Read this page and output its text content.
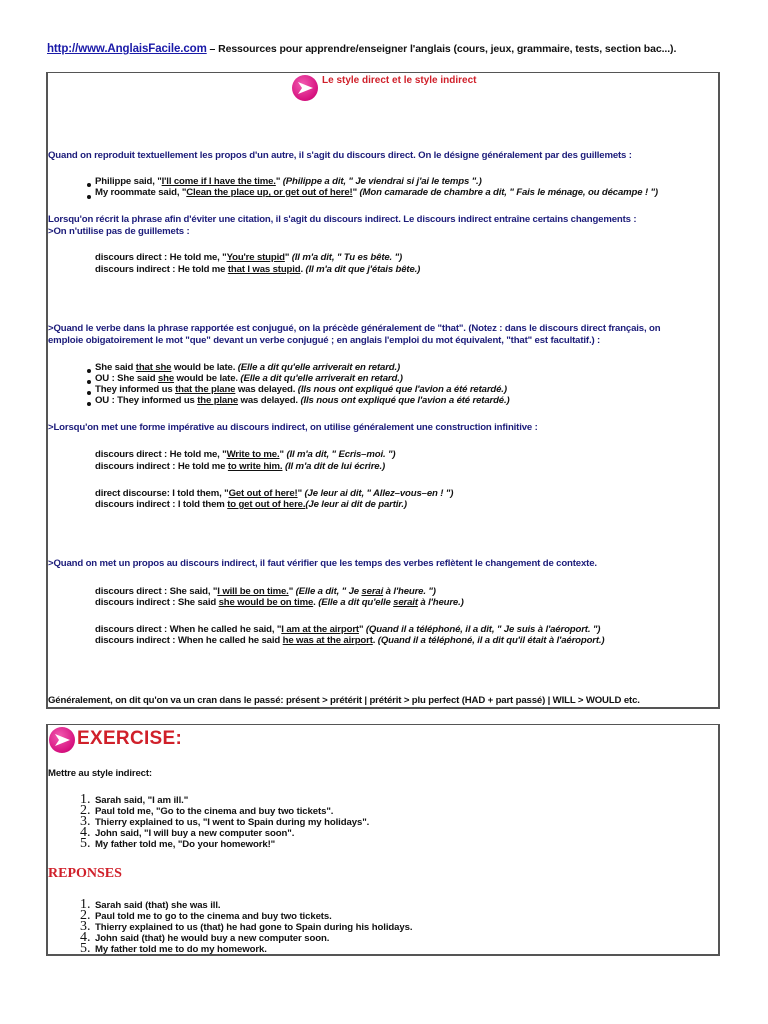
http://www.AnglaisFacile.com – Ressources pour apprendre/enseigner l'anglais (cours, jeux, grammaire, tests, section bac...).
Le style direct et le style indirect
Quand on reproduit textuellement les propos d'un autre, il s'agit du discours direct. On le désigne généralement par des guillemets :
Philippe said, "I'll come if I have the time." (Philippe a dit, " Je viendrai si j'ai le temps ".)
My roommate said, "Clean the place up, or get out of here!" (Mon camarade de chambre a dit, " Fais le ménage, ou décampe ! ")
Lorsqu'on récrit la phrase afin d'éviter une citation, il s'agit du discours indirect. Le discours indirect entraîne certains changements :
>On n'utilise pas de guillemets :
discours direct : He told me, "You're stupid" (Il m'a dit, " Tu es bête. ")
discours indirect : He told me that I was stupid. (Il m'a dit que j'étais bête.)
>Quand le verbe dans la phrase rapportée est conjugué, on la précède généralement de "that". (Notez : dans le discours direct français, on
emploie obigatoirement le mot "que" devant un verbe conjugué ; en anglais l'emploi du mot équivalent, "that" est facultatif.) :
She said that she would be late. (Elle a dit qu'elle arriverait en retard.)
OU : She said she would be late. (Elle a dit qu'elle arriverait en retard.)
They informed us that the plane was delayed. (Ils nous ont expliqué que l'avion a été retardé.)
OU : They informed us the plane was delayed. (Ils nous ont expliqué que l'avion a été retardé.)
>Lorsqu'on met une forme impérative au discours indirect, on utilise généralement une construction infinitive :
discours direct : He told me, "Write to me." (Il m'a dit, " Ecris–moi. ")
discours indirect : He told me to write him. (Il m'a dit de lui écrire.)
direct discourse: I told them, "Get out of here!" (Je leur ai dit, " Allez–vous–en ! ")
discours indirect : I told them to get out of here.(Je leur ai dit de partir.)
>Quand on met un propos au discours indirect, il faut vérifier que les temps des verbes reflètent le changement de contexte.
discours direct : She said, "I will be on time." (Elle a dit, " Je serai à l'heure. ")
discours indirect : She said she would be on time. (Elle a dit qu'elle serait à l'heure.)
discours direct : When he called he said, "I am at the airport" (Quand il a téléphoné, il a dit, " Je suis à l'aéroport. ")
discours indirect : When he called he said he was at the airport. (Quand il a téléphoné, il a dit qu'il était à l'aéroport.)
Généralement, on dit qu'on va un cran dans le passé: présent > prétérit | prétérit > plu perfect (HAD + part passé) | WILL > WOULD etc.
EXERCISE:
Mettre au style indirect:
1. Sarah said, "I am ill."
2. Paul told me, "Go to the cinema and buy two tickets".
3. Thierry explained to us, "I went to Spain during my holidays".
4. John said, "I will buy a new computer soon".
5. My father told me, "Do your homework!"
REPONSES
1. Sarah said (that) she was ill.
2. Paul told me to go to the cinema and buy two tickets.
3. Thierry explained to us (that) he had gone to Spain during his holidays.
4. John said (that) he would buy a new computer soon.
5. My father told me to do my homework.
